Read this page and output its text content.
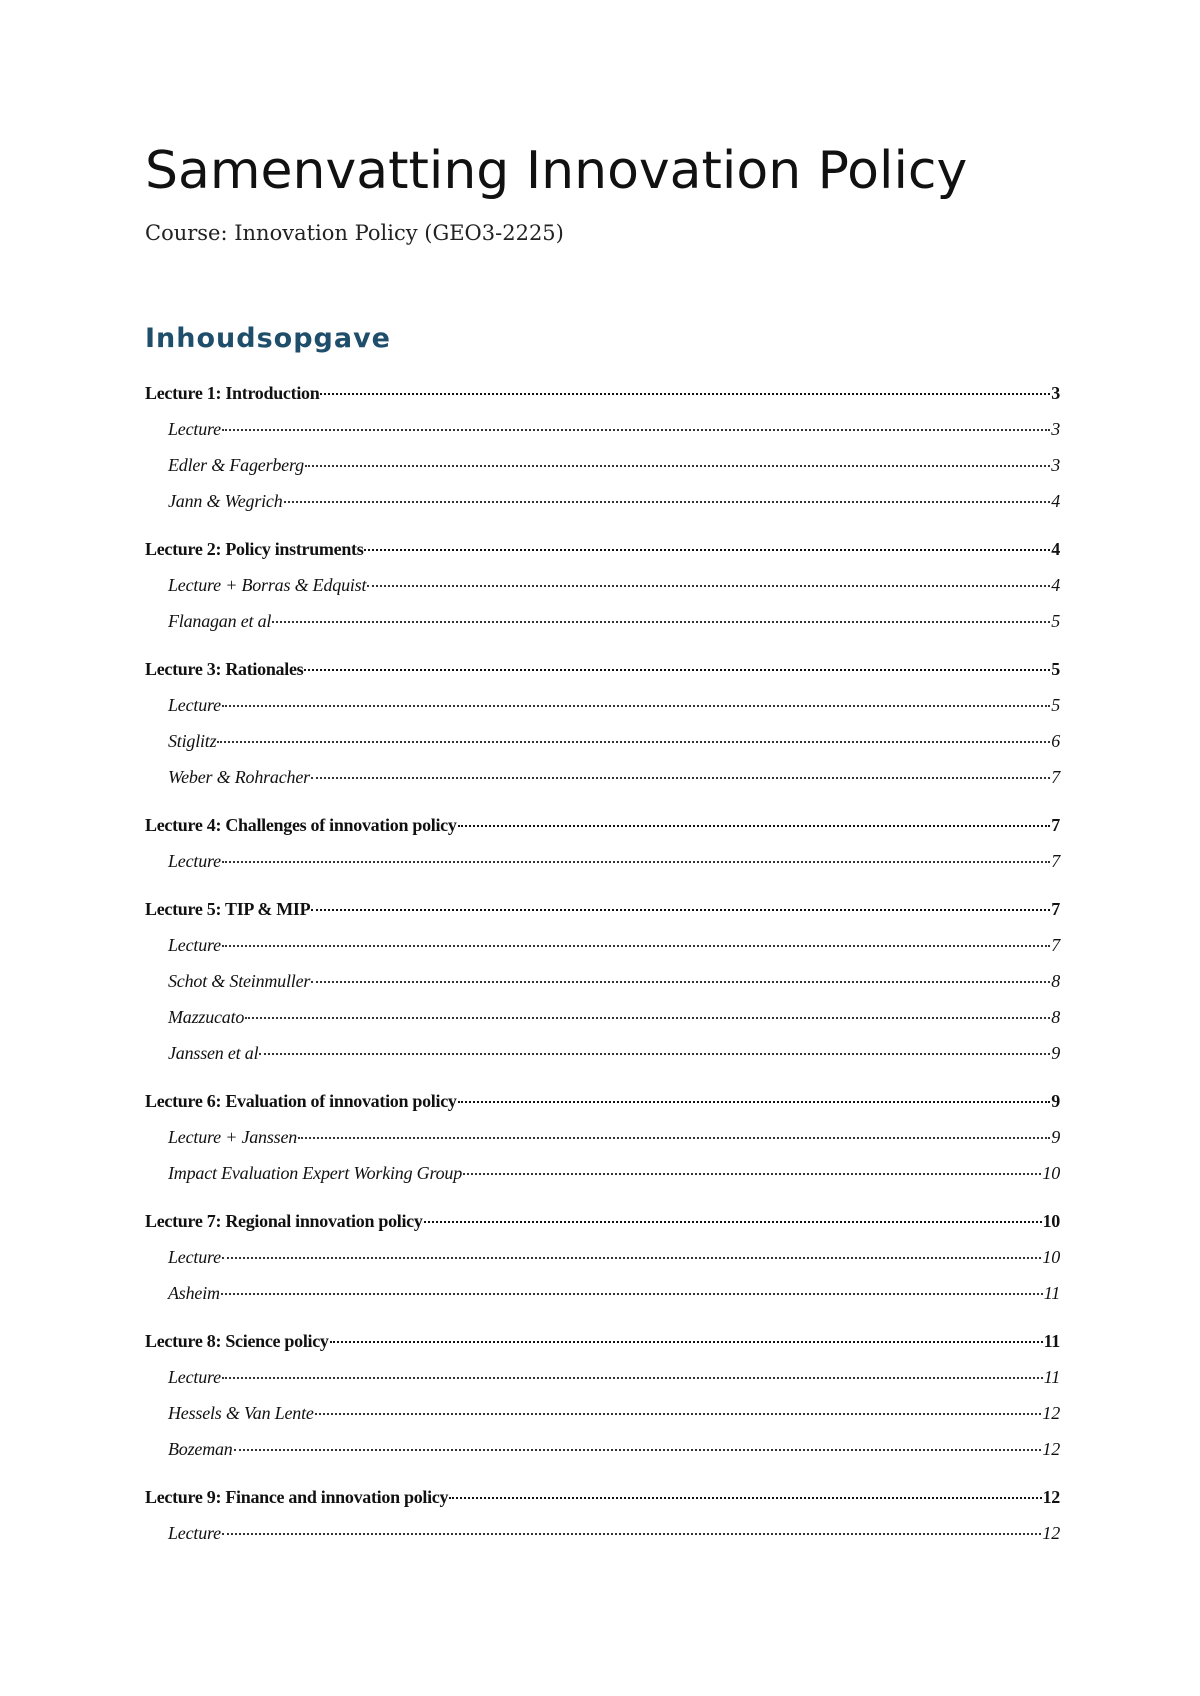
Samenvatting Innovation Policy

Course: Innovation Policy (GEO3-2225)

Inhoudsopgave
Lecture 1: Introduction	3
Lecture	3
Edler & Fagerberg	3
Jann & Wegrich	4
Lecture 2: Policy instruments	4
Lecture + Borras & Edquist	4
Flanagan et al	5
Lecture 3: Rationales	5
Lecture	5
Stiglitz	6
Weber & Rohracher	7
Lecture 4: Challenges of innovation policy	7
Lecture	7
Lecture 5: TIP & MIP	7
Lecture	7
Schot & Steinmuller	8
Mazzucato	8
Janssen et al	9
Lecture 6: Evaluation of innovation policy	9
Lecture + Janssen	9
Impact Evaluation Expert Working Group	10
Lecture 7: Regional innovation policy	10
Lecture	10
Asheim	11
Lecture 8: Science policy	11
Lecture	11
Hessels & Van Lente	12
Bozeman	12
Lecture 9: Finance and innovation policy	12
Lecture	12
